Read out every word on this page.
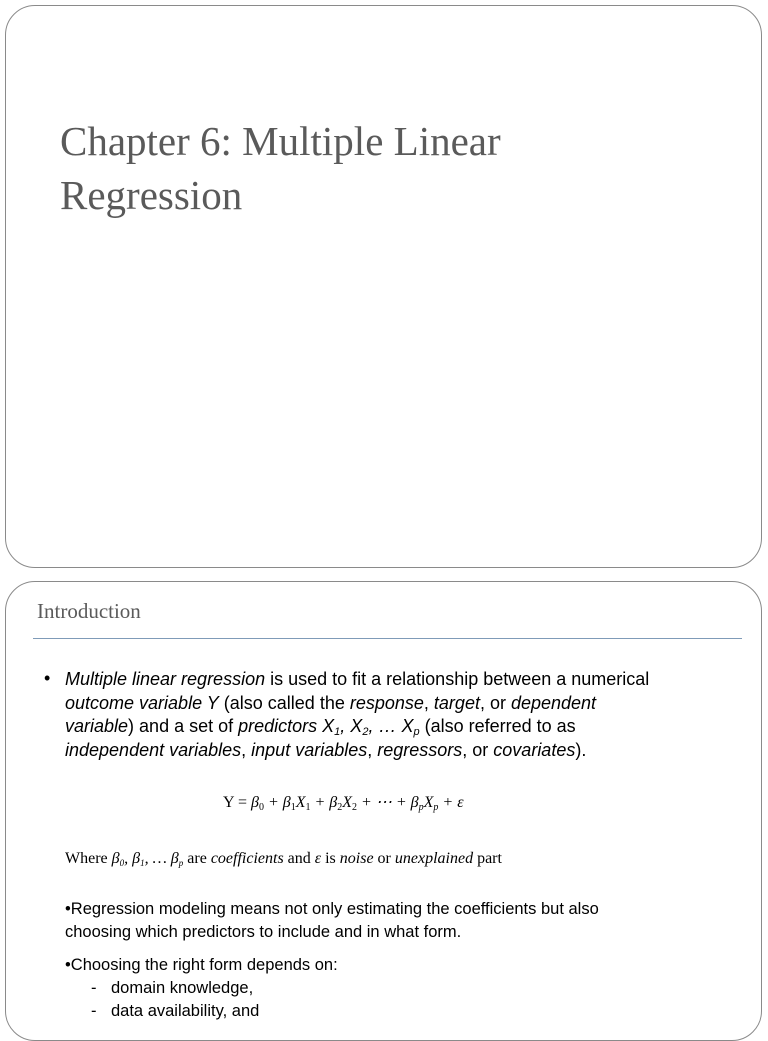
Chapter 6: Multiple Linear
Regression
Introduction
• Multiple linear regression is used to fit a relationship between a numerical outcome variable Y (also called the response, target, or dependent variable) and a set of predictors $X_1$, $X_2$, … $X_p$ (also referred to as independent variables, input variables, regressors, or covariates).

$Y = \beta_0 + \beta_1X_1 + \beta_2X_2$ + ⋯ + $\beta_pX_p + \varepsilon$
Where $\beta_0$, $\beta_1$, … $\beta_p$ are coefficients and ε is noise or unexplained part

•Regression modeling means not only estimating the coefficients but also choosing which predictors to include and in what form.

•Choosing the right form depends on:
- domain knowledge,
- data availability, and
